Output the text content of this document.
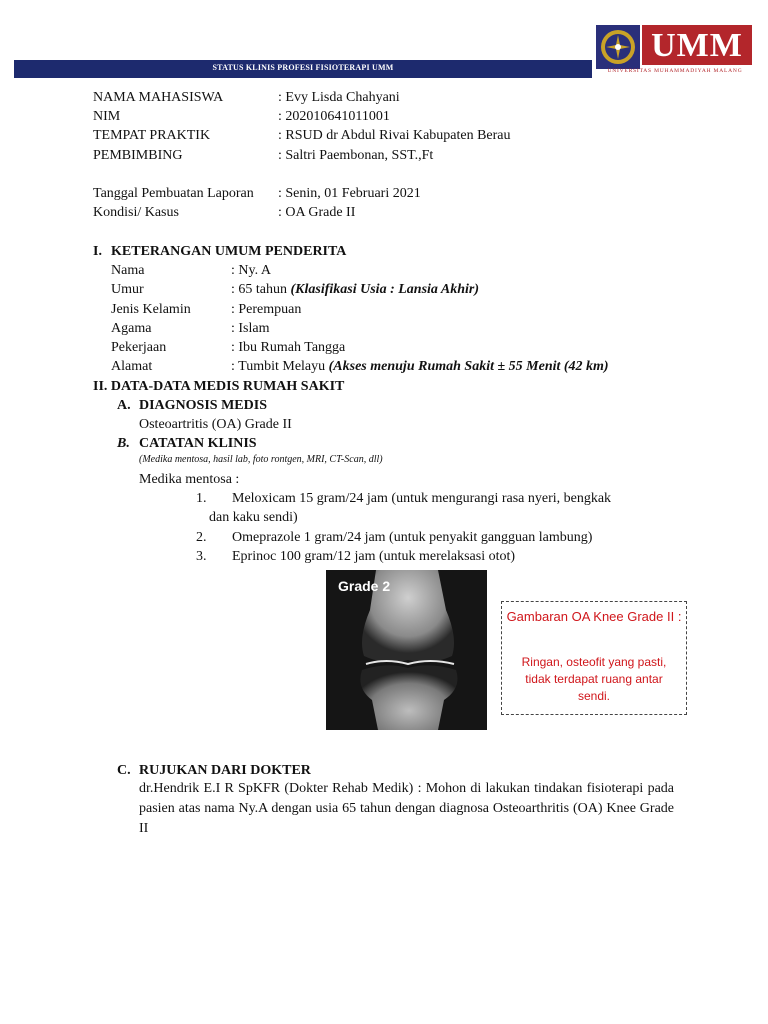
STATUS KLINIS PROFESI FISIOTERAPI UMM
UMM
UNIVERSITAS MUHAMMADIYAH MALANG
NAMA MAHASISWA	: Evy Lisda Chahyani
NIM	: 202010641011001
TEMPAT PRAKTIK	: RSUD dr Abdul Rivai Kabupaten Berau
PEMBIMBING	: Saltri Paembonan, SST.,Ft
Tanggal Pembuatan Laporan : Senin, 01 Februari 2021
Kondisi/ Kasus	: OA Grade II
I. KETERANGAN UMUM PENDERITA
Nama	: Ny. A
Umur	: 65 tahun (Klasifikasi Usia : Lansia Akhir)
Jenis Kelamin	: Perempuan
Agama	: Islam
Pekerjaan	: Ibu Rumah Tangga
Alamat	: Tumbit Melayu (Akses menuju Rumah Sakit ± 55 Menit (42 km)
II. DATA-DATA MEDIS RUMAH SAKIT
A. DIAGNOSIS MEDIS
Osteoartritis (OA) Grade II
B. CATATAN KLINIS
(Medika mentosa, hasil lab, foto rontgen, MRI, CT-Scan, dll)
Medika mentosa :
1. Meloxicam 15 gram/24 jam (untuk mengurangi rasa nyeri, bengkak
dan kaku sendi)
2. Omeprazole 1 gram/24 jam (untuk penyakit gangguan lambung)
3. Eprinoc 100 gram/12 jam (untuk merelaksasi otot)
Grade 2
Gambaran OA Knee Grade II :
Ringan, osteofit yang pasti, tidak terdapat ruang antar sendi.
C. RUJUKAN DARI DOKTER
dr.Hendrik E.I R SpKFR (Dokter Rehab Medik) : Mohon di lakukan tindakan fisioterapi pada pasien atas nama Ny.A dengan usia 65 tahun dengan diagnosa Osteoarthritis (OA) Knee Grade II
